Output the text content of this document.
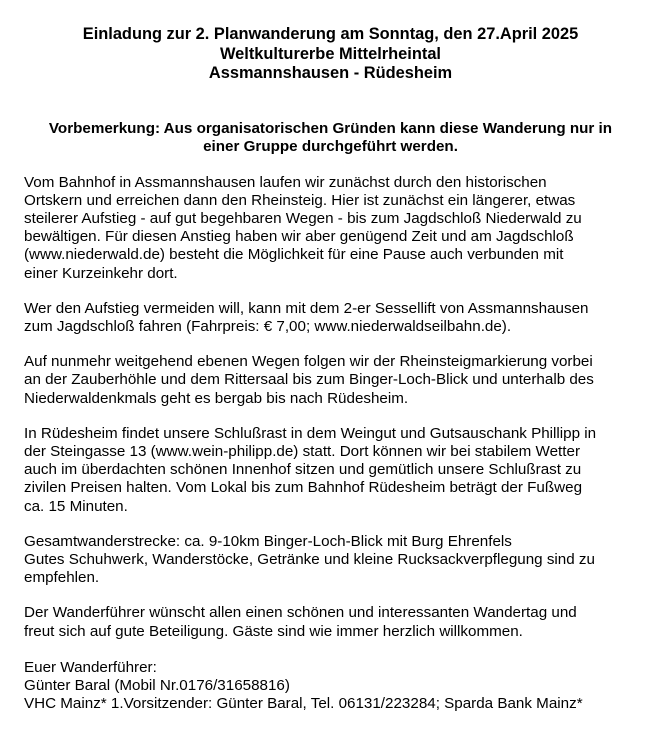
Einladung zur 2. Planwanderung am Sonntag, den 27.April 2025
Weltkulturerbe Mittelrheintal
Assmannshausen - Rüdesheim

Vorbemerkung: Aus organisatorischen Gründen kann diese Wanderung nur in
einer Gruppe durchgeführt werden.

Vom Bahnhof in Assmannshausen laufen wir zunächst durch den historischen
Ortskern und erreichen dann den Rheinsteig. Hier ist zunächst ein längerer, etwas
steilerer Aufstieg - auf gut begehbaren Wegen - bis zum Jagdschloß Niederwald zu
bewältigen. Für diesen Anstieg haben wir aber genügend Zeit und am Jagdschloß
(www.niederwald.de) besteht die Möglichkeit für eine Pause auch verbunden mit
einer Kurzeinkehr dort.

Wer den Aufstieg vermeiden will, kann mit dem 2-er Sessellift von Assmannshausen
zum Jagdschloß fahren (Fahrpreis: € 7,00; www.niederwaldseilbahn.de).

Auf nunmehr weitgehend ebenen Wegen folgen wir der Rheinsteigmarkierung vorbei
an der Zauberhöhle und dem Rittersaal bis zum Binger-Loch-Blick und unterhalb des
Niederwaldenkmals geht es bergab bis nach Rüdesheim.

In Rüdesheim findet unsere Schlußrast in dem Weingut und Gutsauschank Phillipp in
der Steingasse 13 (www.wein-philipp.de) statt. Dort können wir bei stabilem Wetter
auch im überdachten schönen Innenhof sitzen und gemütlich unsere Schlußrast zu
zivilen Preisen halten. Vom Lokal bis zum Bahnhof Rüdesheim beträgt der Fußweg
ca. 15 Minuten.

Gesamtwanderstrecke: ca. 9-10km Binger-Loch-Blick mit Burg Ehrenfels
Gutes Schuhwerk, Wanderstöcke, Getränke und kleine Rucksackverpflegung sind zu
empfehlen.

Der Wanderführer wünscht allen einen schönen und interessanten Wandertag und
freut sich auf gute Beteiligung. Gäste sind wie immer herzlich willkommen.

Euer Wanderführer:
Günter Baral (Mobil Nr.0176/31658816)
VHC Mainz* 1.Vorsitzender: Günter Baral, Tel. 06131/223284; Sparda Bank Mainz*
